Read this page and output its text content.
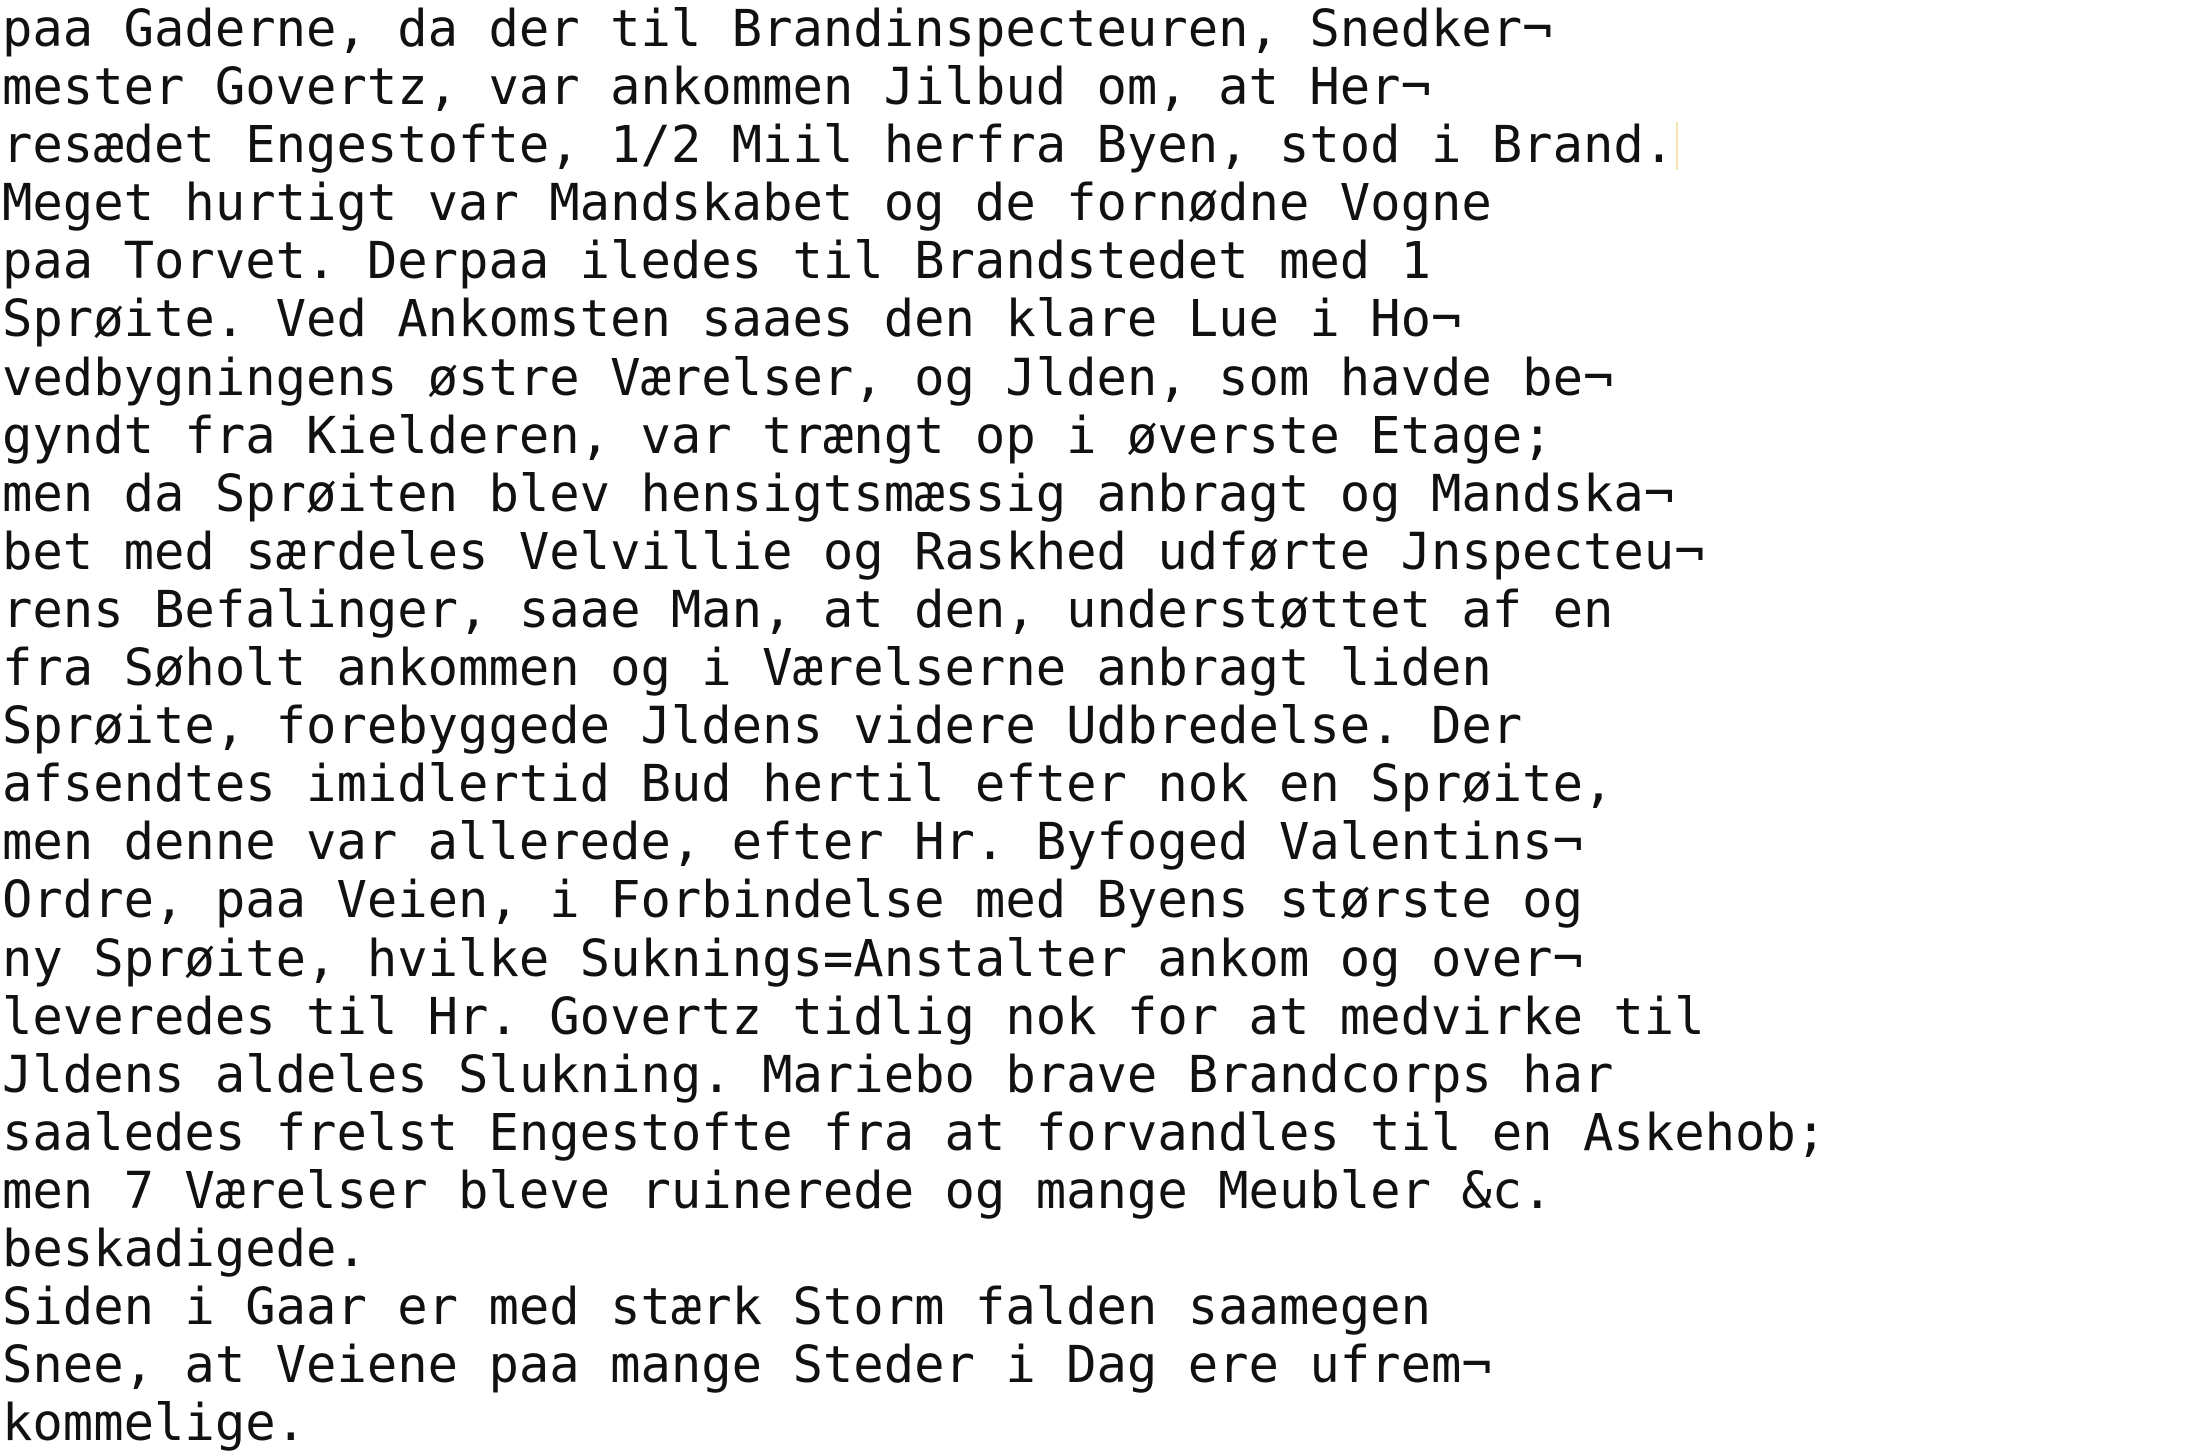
paa Gaderne, da der til Brandinspecteuren, Snedker¬
mester Govertz, var ankommen Jilbud om, at Her¬
resædet Engestofte, 1/2 Miil herfra Byen, stod i Brand.
Meget hurtigt var Mandskabet og de fornødne Vogne
paa Torvet. Derpaa iledes til Brandstedet med 1
Sprøite. Ved Ankomsten saaes den klare Lue i Ho¬
vedbygningens østre Værelser, og Jlden, som havde be¬
gyndt fra Kielderen, var trængt op i øverste Etage;
men da Sprøiten blev hensigtsmæssig anbragt og Mandska¬
bet med særdeles Velvillie og Raskhed udførte Jnspecteu¬
rens Befalinger, saae Man, at den, understøttet af en
fra Søholt ankommen og i Værelserne anbragt liden
Sprøite, forebyggede Jldens videre Udbredelse. Der
afsendtes imidlertid Bud hertil efter nok en Sprøite,
men denne var allerede, efter Hr. Byfoged Valentins¬
Ordre, paa Veien, i Forbindelse med Byens største og
ny Sprøite, hvilke Suknings=Anstalter ankom og over¬
leveredes til Hr. Govertz tidlig nok for at medvirke til
Jldens aldeles Slukning. Mariebo brave Brandcorps har
saaledes frelst Engestofte fra at forvandles til en Askehob;
men 7 Værelser bleve ruinerede og mange Meubler &c.
beskadigede.
Siden i Gaar er med stærk Storm falden saamegen
Snee, at Veiene paa mange Steder i Dag ere ufrem¬
kommelige.
